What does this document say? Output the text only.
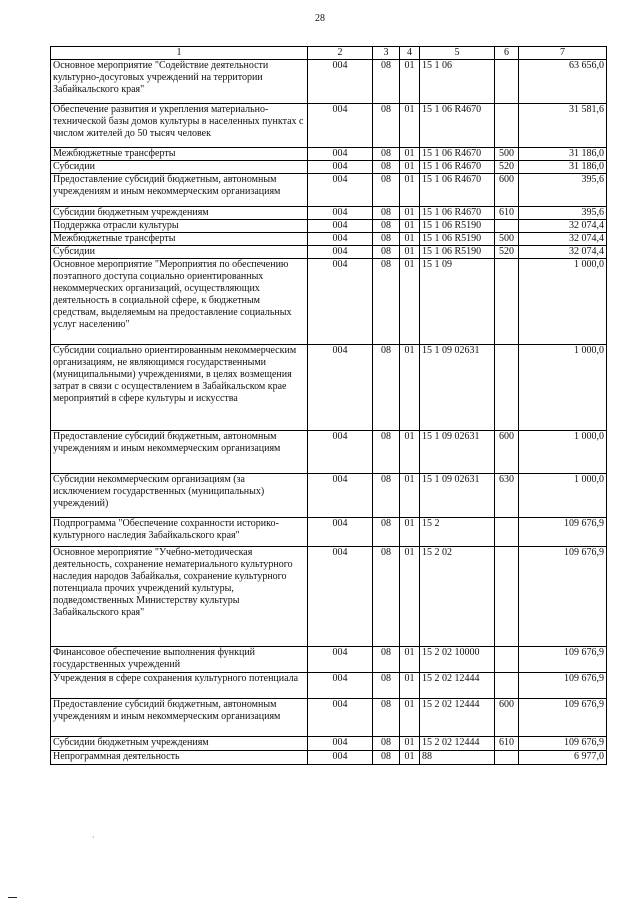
28
1	2	3	4	5	6	7
Основное мероприятие "Содействие деятельности культурно-досуговых учреждений на территории Забайкальского края"	004	08	01	15 1 06		63 656,0
Обеспечение развития и укрепления материально-технической базы домов культуры в населенных пунктах с числом жителей до 50 тысяч человек	004	08	01	15 1 06 R4670		31 581,6
Межбюджетные трансферты	004	08	01	15 1 06 R4670	500	31 186,0
Субсидии	004	08	01	15 1 06 R4670	520	31 186,0
Предоставление субсидий бюджетным, автономным учреждениям и иным некоммерческим организациям	004	08	01	15 1 06 R4670	600	395,6
Субсидии бюджетным учреждениям	004	08	01	15 1 06 R4670	610	395,6
Поддержка отрасли культуры	004	08	01	15 1 06 R5190		32 074,4
Межбюджетные трансферты	004	08	01	15 1 06 R5190	500	32 074,4
Субсидии	004	08	01	15 1 06 R5190	520	32 074,4
Основное мероприятие "Мероприятия по обеспечению поэтапного доступа социально ориентированных некоммерческих организаций, осуществляющих деятельность в социальной сфере, к бюджетным средствам, выделяемым на предоставление социальных услуг населению"	004	08	01	15 1 09		1 000,0
Субсидии социально ориентированным некоммерческим организациям, не являющимся государственными (муниципальными) учреждениями, в целях возмещения затрат в связи с осуществлением в Забайкальском крае мероприятий в сфере культуры и искусства	004	08	01	15 1 09 02631		1 000,0
Предоставление субсидий бюджетным, автономным учреждениям и иным некоммерческим организациям	004	08	01	15 1 09 02631	600	1 000,0
Субсидии некоммерческим организациям (за исключением государственных (муниципальных) учреждений)	004	08	01	15 1 09 02631	630	1 000,0
Подпрограмма "Обеспечение сохранности историко-культурного наследия Забайкальского края"	004	08	01	15 2		109 676,9
Основное мероприятие "Учебно-методическая деятельность, сохранение нематериального культурного наследия народов Забайкалья, сохранение культурного потенциала прочих учреждений культуры, подведомственных Министерству культуры Забайкальского края"	004	08	01	15 2 02		109 676,9
Финансовое обеспечение выполнения функций государственных учреждений	004	08	01	15 2 02 10000		109 676,9
Учреждения в сфере сохранения культурного потенциала	004	08	01	15 2 02 12444		109 676,9
Предоставление субсидий бюджетным, автономным учреждениям и иным некоммерческим организациям	004	08	01	15 2 02 12444	600	109 676,9
Субсидии бюджетным учреждениям	004	08	01	15 2 02 12444	610	109 676,9
Непрограммная деятельность	004	08	01	88		6 977,0
·
